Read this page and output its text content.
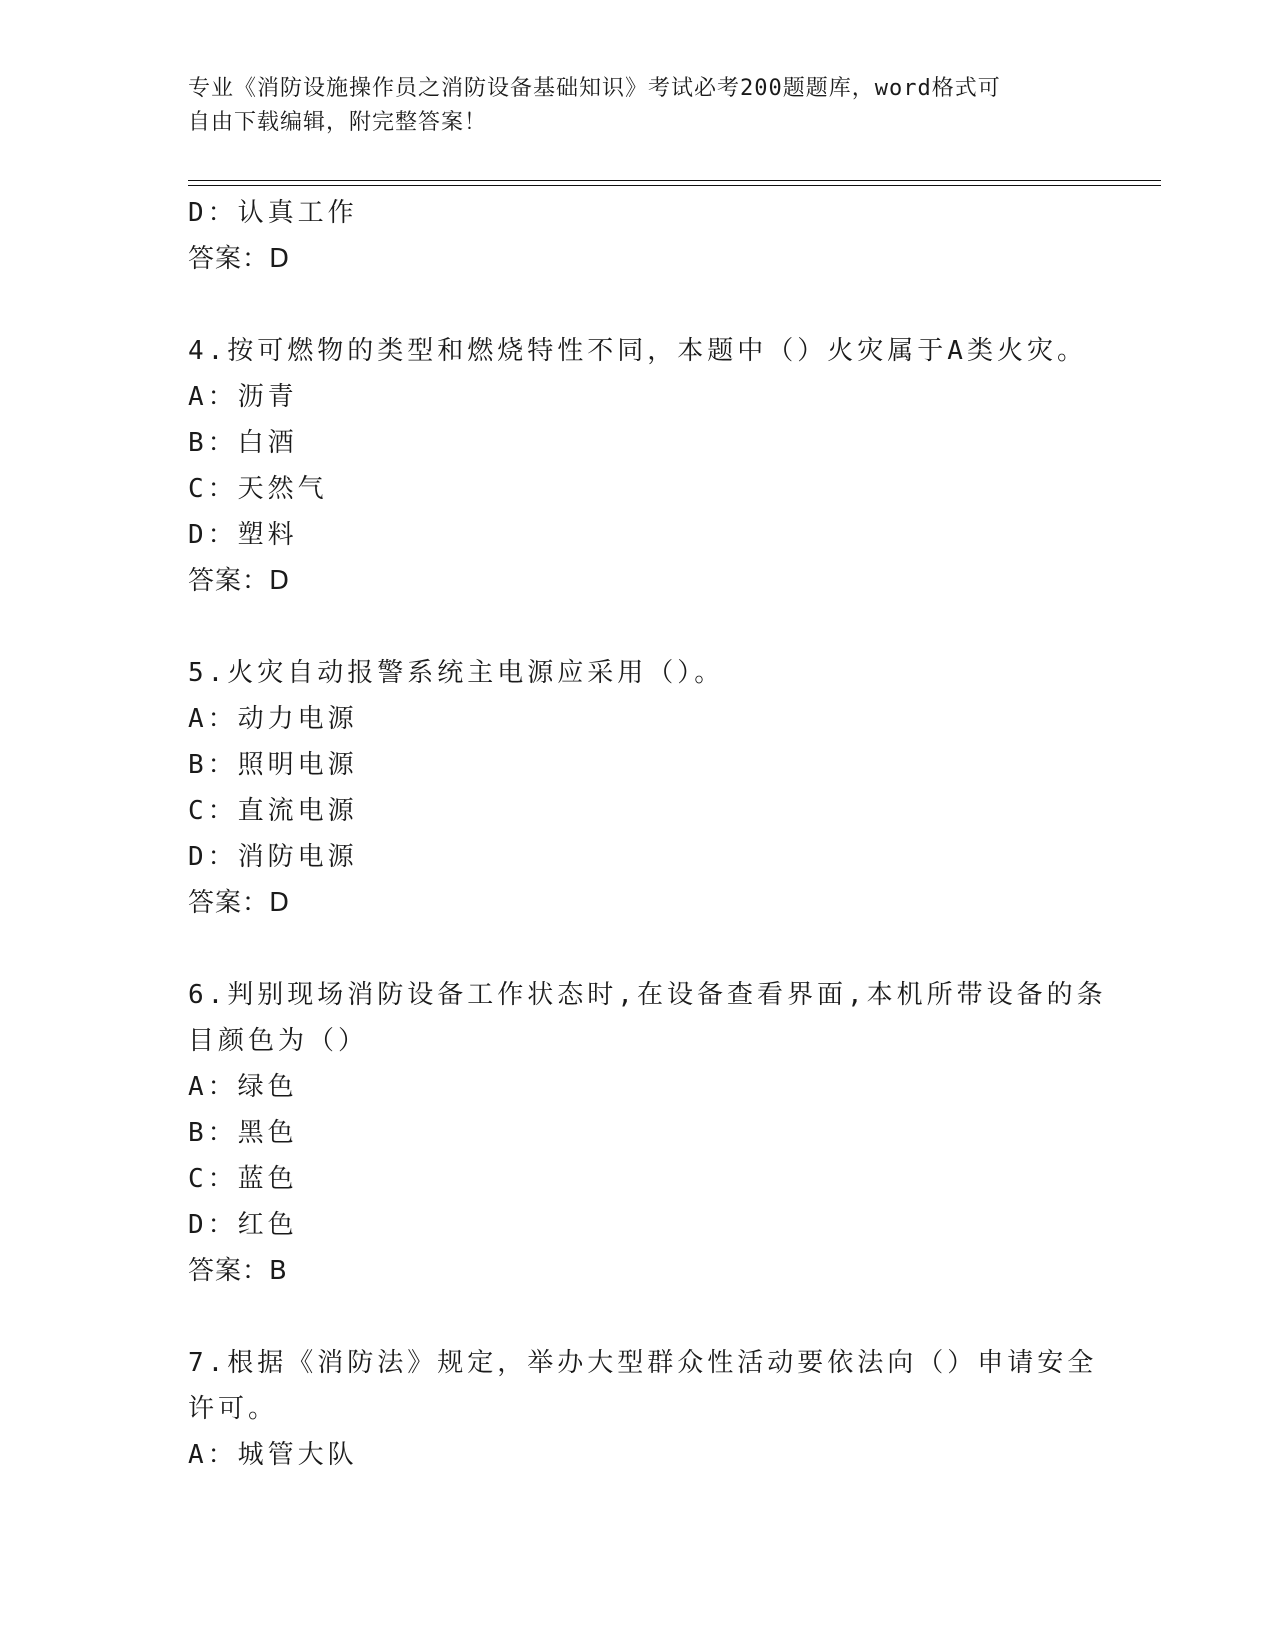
专业《消防设施操作员之消防设备基础知识》考试必考200题题库，word格式可
自由下载编辑，附完整答案！
D：认真工作
答案：D
4.按可燃物的类型和燃烧特性不同，本题中（）火灾属于A类火灾。
A：沥青
B：白酒
C：天然气
D：塑料
答案：D
5.火灾自动报警系统主电源应采用（）。
A：动力电源
B：照明电源
C：直流电源
D：消防电源
答案：D
6.判别现场消防设备工作状态时,在设备查看界面,本机所带设备的条
目颜色为（）
A：绿色
B：黑色
C：蓝色
D：红色
答案：B
7.根据《消防法》规定，举办大型群众性活动要依法向（）申请安全
许可。
A：城管大队
